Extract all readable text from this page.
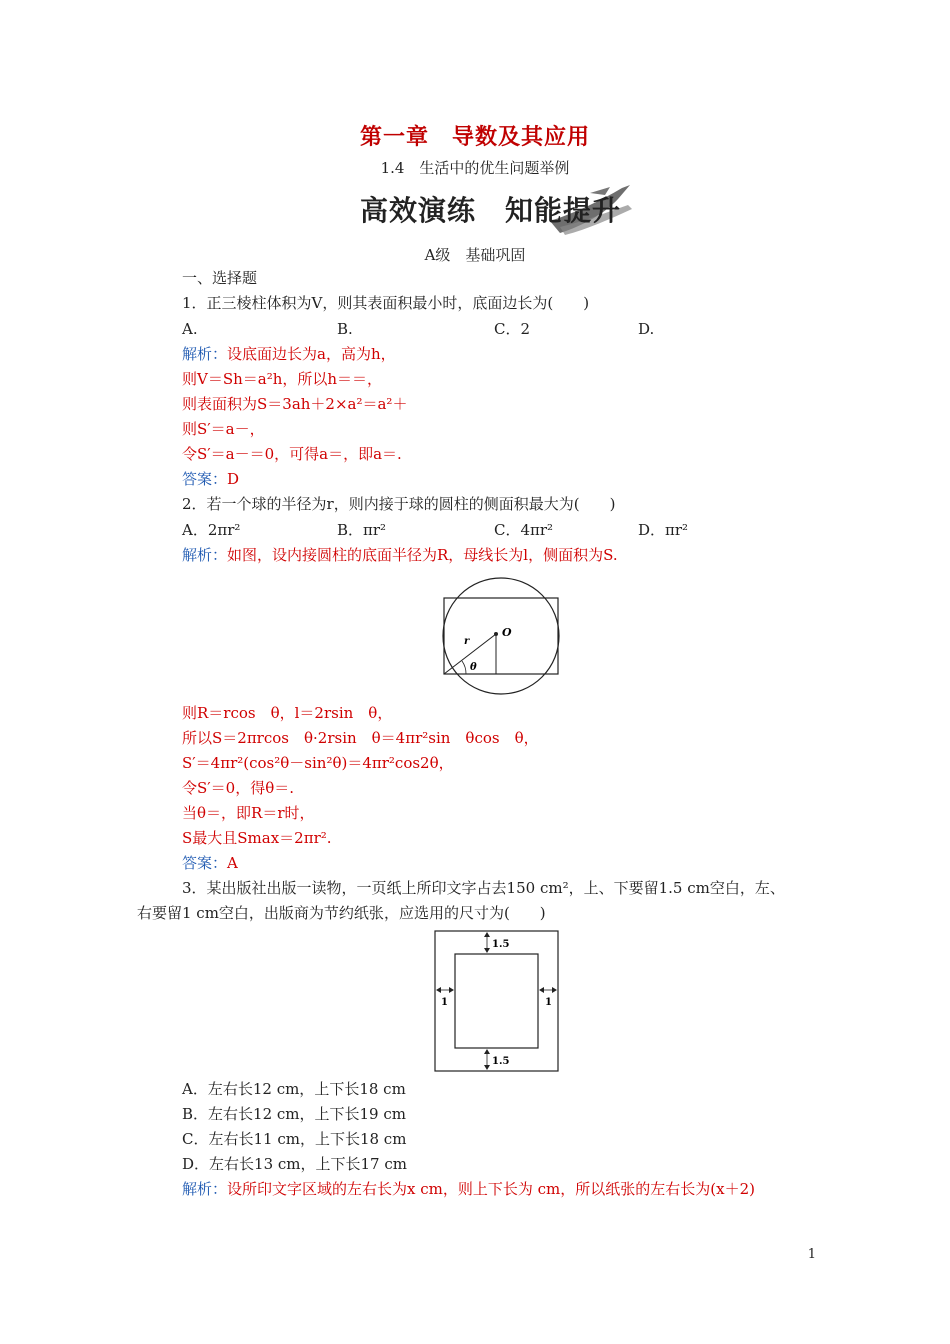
第一章　导数及其应用
1.4　生活中的优生问题举例
高效演练　知能提升
A级　基础巩固
一、选择题
1．正三棱柱体积为V，则其表面积最小时，底面边长为(　　)
A.	B.	C．2	D.
解析：设底面边长为a，高为h，
则V＝Sh＝a²h，所以h＝＝，
则表面积为S＝3ah＋2×a²＝a²＋
则S′＝a－，
令S′＝a－＝0，可得a＝，即a＝.
答案：D
2．若一个球的半径为r，则内接于球的圆柱的侧面积最大为(　　)
A．2πr²	B．πr²	C．4πr²	D．πr²
解析：如图，设内接圆柱的底面半径为R，母线长为l，侧面积为S.
O
r
θ
则R＝rcos　θ，l＝2rsin　θ，
所以S＝2πrcos　θ·2rsin　θ＝4πr²sin　θcos　θ，
S′＝4πr²(cos²θ－sin²θ)＝4πr²cos2θ，
令S′＝0，得θ＝.
当θ＝，即R＝r时，
S最大且Smax＝2πr².
答案：A
3．某出版社出版一读物，一页纸上所印文字占去150 cm²，上、下要留1.5 cm空白，左、
右要留1 cm空白，出版商为节约纸张，应选用的尺寸为(　　)
1.5
1.5
1	1
A．左右长12 cm，上下长18 cm
B．左右长12 cm，上下长19 cm
C．左右长11 cm，上下长18 cm
D．左右长13 cm，上下长17 cm
解析：设所印文字区域的左右长为x cm，则上下长为 cm，所以纸张的左右长为(x＋2)
1
